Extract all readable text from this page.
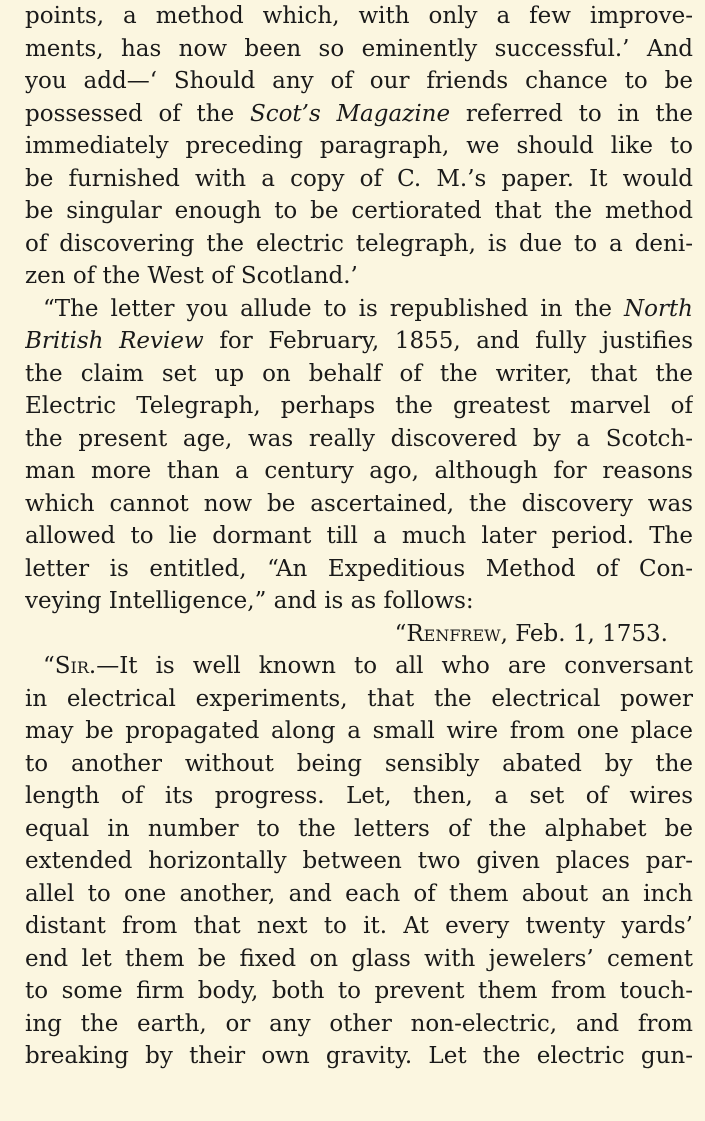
points, a method which, with only a few improve-
ments, has now been so eminently successful.’ And
you add—‘ Should any of our friends chance to be
possessed of the Scot’s Magazine referred to in the
immediately preceding paragraph, we should like to
be furnished with a copy of C. M.’s paper. It would
be singular enough to be certiorated that the method
of discovering the electric telegraph, is due to a deni-
zen of the West of Scotland.’
“The letter you allude to is republished in the North
British Review for February, 1855, and fully justifies
the claim set up on behalf of the writer, that the
Electric Telegraph, perhaps the greatest marvel of
the present age, was really discovered by a Scotch-
man more than a century ago, although for reasons
which cannot now be ascertained, the discovery was
allowed to lie dormant till a much later period. The
letter is entitled, “An Expeditious Method of Con-
veying Intelligence,” and is as follows:
“Renfrew, Feb. 1, 1753.
“Sir.—It is well known to all who are conversant
in electrical experiments, that the electrical power
may be propagated along a small wire from one place
to another without being sensibly abated by the
length of its progress. Let, then, a set of wires
equal in number to the letters of the alphabet be
extended horizontally between two given places par-
allel to one another, and each of them about an inch
distant from that next to it. At every twenty yards’
end let them be fixed on glass with jewelers’ cement
to some firm body, both to prevent them from touch-
ing the earth, or any other non-electric, and from
breaking by their own gravity. Let the electric gun-
